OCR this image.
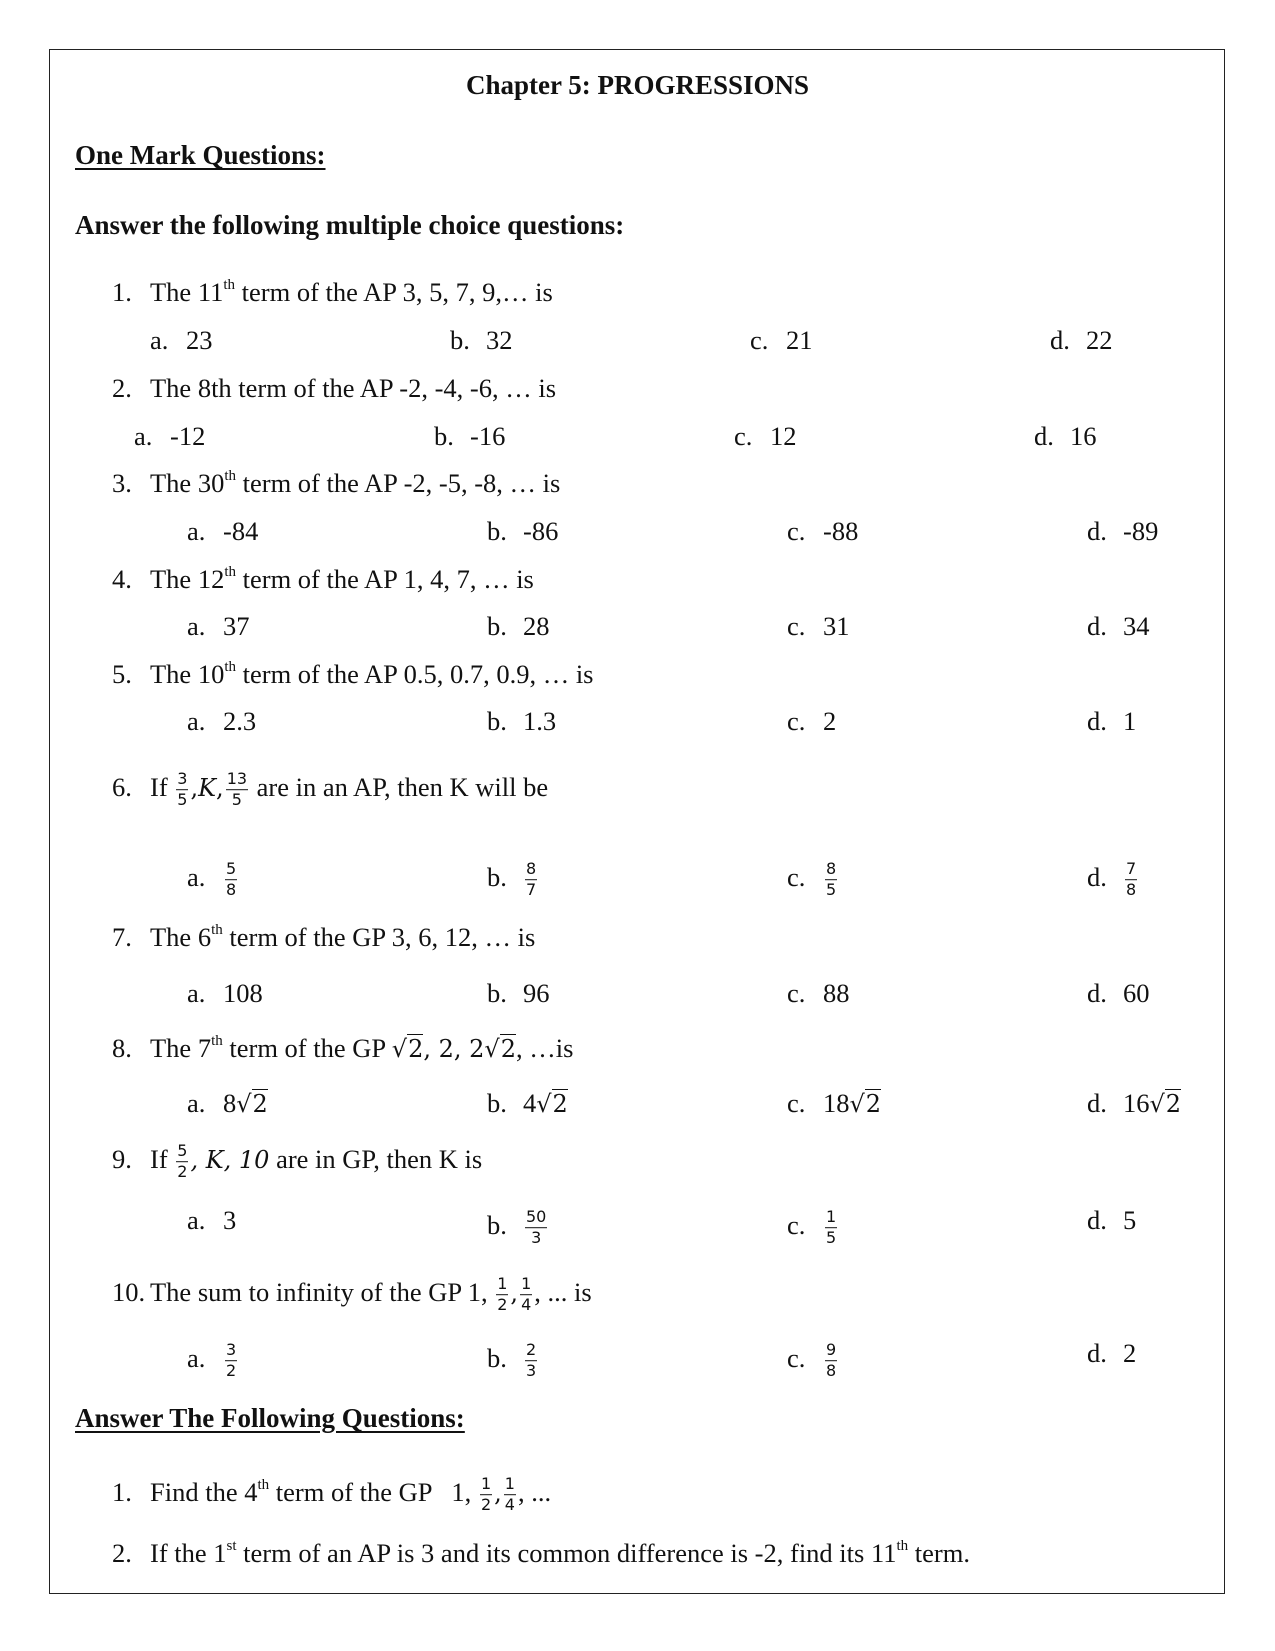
Chapter 5: PROGRESSIONS
One Mark Questions:
Answer the following multiple choice questions:
1. The 11th term of the AP 3, 5, 7, 9,… is
a. 23	b. 32	c. 21	d. 22
2. The 8th term of the AP -2, -4, -6, … is
a. -12	b. -16	c. 12	d. 16
3. The 30th term of the AP -2, -5, -8, … is
a. -84	b. -86	c. -88	d. -89
4. The 12th term of the AP 1, 4, 7, … is
a. 37	b. 28	c. 31	d. 34
5. The 10th term of the AP 0.5, 0.7, 0.9, … is
a. 2.3	b. 1.3	c. 2	d. 1
6. If $\frac{3}{5} ,K$, $\frac{13}{5}$ are in an AP, then K will be
a. $\frac{5}{8}$	b. $\frac{8}{7}$	c. $\frac{8}{5}$	d. $\frac{7}{8}$
7. The 6th term of the GP 3, 6, 12, … is
a. 108	b. 96	c. 88	d. 60
8. The 7th term of the GP √2, 2, 2√2, …is
a. 8√2	b. 4√2	c. 18√2	d. 16√2
9. If $\frac{5}{2}$ , K, 10 are in GP, then K is
a. 3	b. $\frac{50}{3}$	c. $\frac{1}{5}$	d. 5
10. The sum to infinity of the GP 1, $\frac{1}{2}$ , $\frac{1}{4}$ , ... is
a. $\frac{3}{2}$	b. $\frac{2}{3}$	c. $\frac{9}{8}$	d. 2
Answer The Following Questions:
1. Find the 4th term of the GP   1, $\frac{1}{2}$ , $\frac{1}{4}$ , ...
2. If the 1st term of an AP is 3 and its common difference is -2, find its 11th term.
